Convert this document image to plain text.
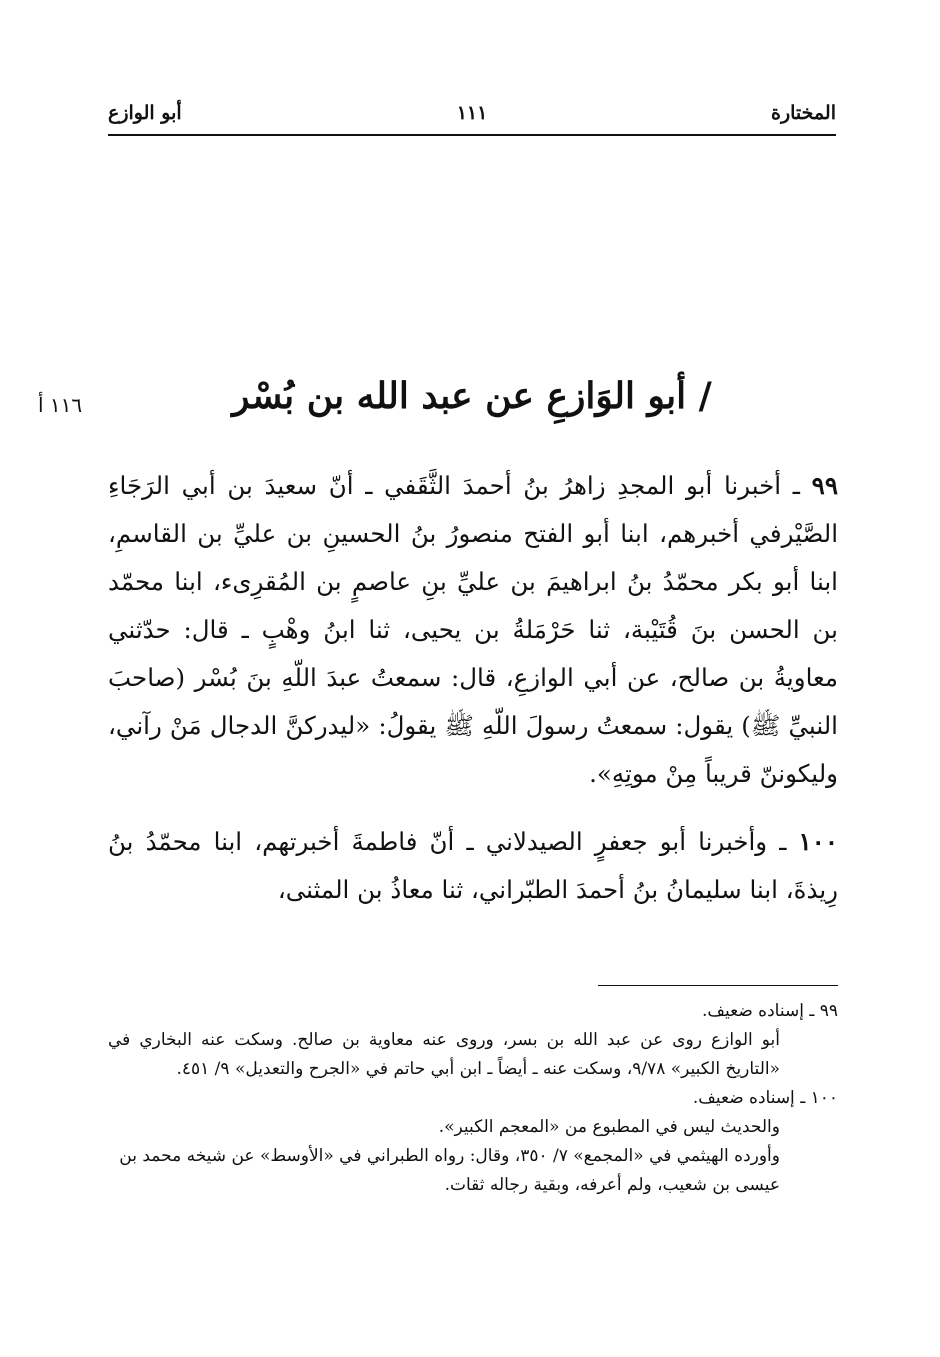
المختارة
١١١
أبو الوازع
١١٦ أ	/ أبو الوَازعِ عن عبد الله بن بُسْر

٩٩ ـ أخبرنا أبو المجدِ زاهرُ بنُ أحمدَ الثَّقَفي ـ أنّ سعيدَ بن أبي الرَجَاءِ الصَّيْرفي أخبرهم، ابنا أبو الفتح منصورُ بنُ الحسينِ بن عليِّ بن القاسمِ، ابنا أبو بكر محمّدُ بنُ ابراهيمَ بن عليِّ بنِ عاصمٍ بن المُقرِىء، ابنا محمّد بن الحسن بنَ قُتَيْبة، ثنا حَرْمَلةُ بن يحيى، ثنا ابنُ وهْبٍ ـ قال: حدّثني معاويةُ بن صالح، عن أبي الوازعِ، قال: سمعتُ عبدَ اللّهِ بنَ بُسْر (صاحبَ النبيِّ ﷺ) يقول: سمعتُ رسولَ اللّهِ ﷺ يقولُ: «ليدركنَّ الدجال مَنْ رآني، وليكوننّ قريباً مِنْ موتِهِ».

١٠٠ ـ وأخبرنا أبو جعفرٍ الصيدلاني ـ أنّ فاطمةَ أخبرتهم، ابنا محمّدُ بنُ رِيذةَ، ابنا سليمانُ بنُ أحمدَ الطبّراني، ثنا معاذُ بن المثنى،

٩٩ ـ إسناده ضعيف.

أبو الوازع روى عن عبد الله بن بسر، وروى عنه معاوية بن صالح. وسكت عنه البخاري في «التاريخ الكبير» ٩/٧٨، وسكت عنه ـ أيضاً ـ ابن أبي حاتم في «الجرح والتعديل» ٩/ ٤٥١.

١٠٠ ـ إسناده ضعيف.

والحديث ليس في المطبوع من «المعجم الكبير».

وأورده الهيثمي في «المجمع» ٧/ ٣٥٠، وقال: رواه الطبراني في «الأوسط» عن شيخه محمد بن عيسى بن شعيب، ولم أعرفه، وبقية رجاله ثقات.
